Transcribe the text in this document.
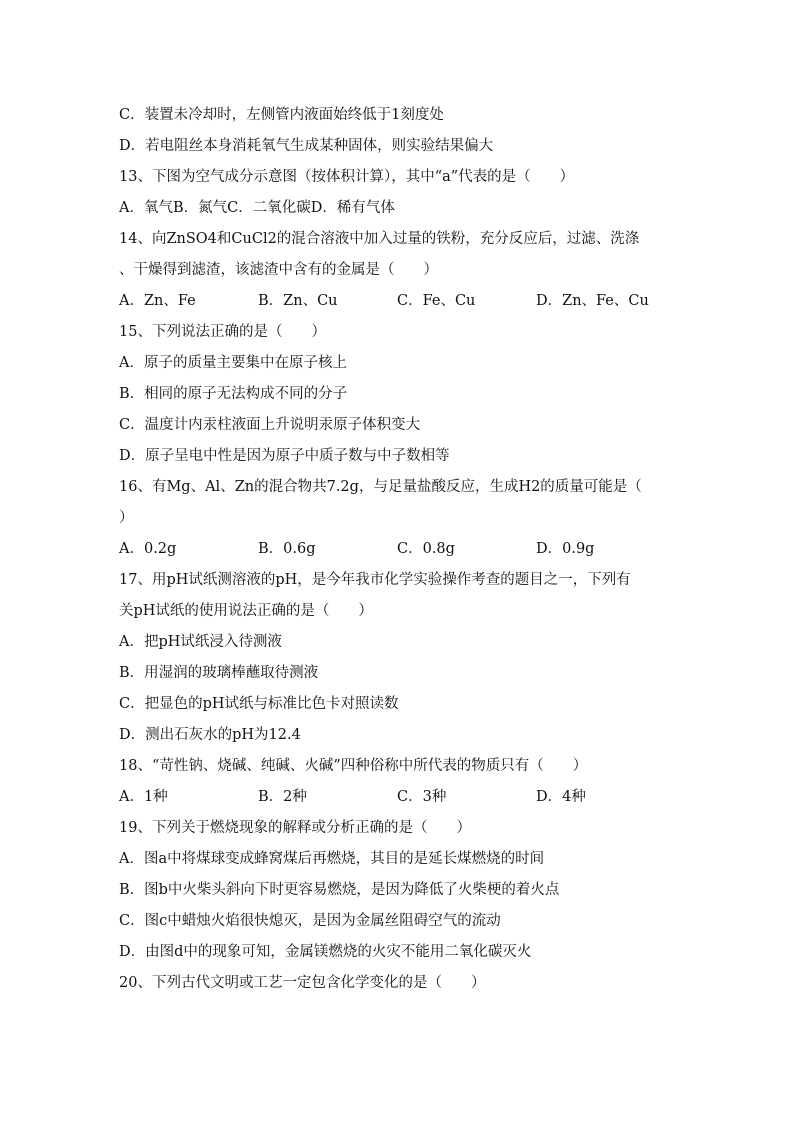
C．装置未冷却时，左侧管内液面始终低于1刻度处
D．若电阻丝本身消耗氧气生成某种固体，则实验结果偏大
13、下图为空气成分示意图（按体积计算），其中“a”代表的是（　　）
A．氧气B．氮气C．二氧化碳D．稀有气体
14、向ZnSO4和CuCl2的混合溶液中加入过量的铁粉，充分反应后，过滤、洗涤
、干燥得到滤渣，该滤渣中含有的金属是（　　）
A．Zn、Fe	B．Zn、Cu	C．Fe、Cu	D．Zn、Fe、Cu
15、下列说法正确的是（　　）
A．原子的质量主要集中在原子核上
B．相同的原子无法构成不同的分子
C．温度计内汞柱液面上升说明汞原子体积变大
D．原子呈电中性是因为原子中质子数与中子数相等
16、有Mg、Al、Zn的混合物共7.2g，与足量盐酸反应，生成H2的质量可能是（
）
A．0.2g	B．0.6g	C．0.8g	D．0.9g
17、用pH试纸测溶液的pH，是今年我市化学实验操作考查的题目之一，下列有
关pH试纸的使用说法正确的是（　　）
A．把pH试纸浸入待测液
B．用湿润的玻璃棒蘸取待测液
C．把显色的pH试纸与标准比色卡对照读数
D．测出石灰水的pH为12.4
18、“苛性钠、烧碱、纯碱、火碱”四种俗称中所代表的物质只有（　　）
A．1种	B．2种	C．3种	D．4种
19、下列关于燃烧现象的解释或分析正确的是（　　）
A．图a中将煤球变成蜂窝煤后再燃烧，其目的是延长煤燃烧的时间
B．图b中火柴头斜向下时更容易燃烧，是因为降低了火柴梗的着火点
C．图c中蜡烛火焰很快熄灭，是因为金属丝阻碍空气的流动
D．由图d中的现象可知，金属镁燃烧的火灾不能用二氧化碳灭火
20、下列古代文明或工艺一定包含化学变化的是（　　）
